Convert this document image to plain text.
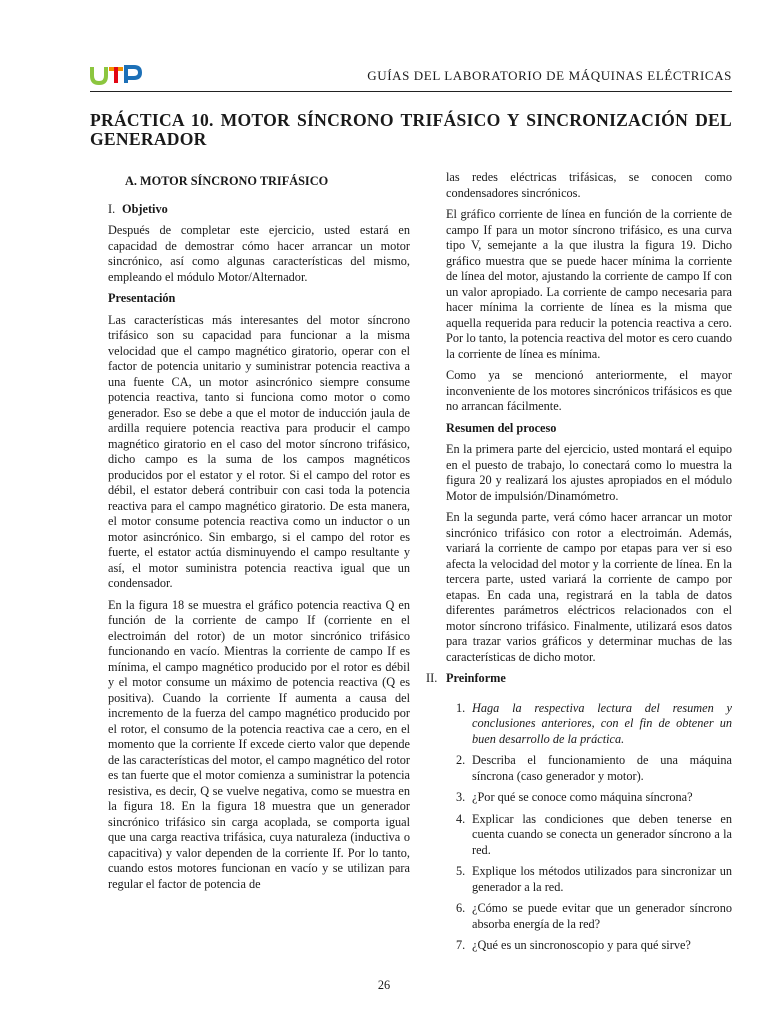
GUÍAS DEL LABORATORIO DE MÁQUINAS ELÉCTRICAS
PRÁCTICA 10. MOTOR SÍNCRONO TRIFÁSICO Y SINCRONIZACIÓN DEL GENERADOR

A. MOTOR SÍNCRONO TRIFÁSICO

I. Objetivo

Después de completar este ejercicio, usted estará en capacidad de demostrar cómo hacer arrancar un motor sincrónico, así como algunas características del mismo, empleando el módulo Motor/Alternador.

Presentación

Las características más interesantes del motor síncrono trifásico son su capacidad para funcionar a la misma velocidad que el campo magnético giratorio, operar con el factor de potencia unitario y suministrar potencia reactiva a una fuente CA, un motor asincrónico siempre consume potencia reactiva, tanto si funciona como motor o como generador. Eso se debe a que el motor de inducción jaula de ardilla requiere potencia reactiva para producir el campo magnético giratorio en el caso del motor síncrono trifásico, dicho campo es la suma de los campos magnéticos producidos por el estator y el rotor. Si el campo del rotor es débil, el estator deberá contribuir con casi toda la potencia reactiva para el campo magnético giratorio. De esta manera, el motor consume potencia reactiva como un inductor o un motor asincrónico. Sin embargo, si el campo del rotor es fuerte, el estator actúa disminuyendo el campo resultante y así, el motor suministra potencia reactiva igual que un condensador.

En la figura 18 se muestra el gráfico potencia reactiva Q en función de la corriente de campo If (corriente en el electroimán del rotor) de un motor sincrónico trifásico funcionando en vacío. Mientras la corriente de campo If es mínima, el campo magnético producido por el rotor es débil y el motor consume un máximo de potencia reactiva (Q es positiva). Cuando la corriente If aumenta a causa del incremento de la fuerza del campo magnético producido por el rotor, el consumo de la potencia reactiva cae a cero, en el momento que la corriente If excede cierto valor que depende de las características del motor, el campo magnético del rotor es tan fuerte que el motor comienza a suministrar la potencia resistiva, es decir, Q se vuelve negativa, como se muestra en la figura 18. En la figura 18 muestra que un generador sincrónico trifásico sin carga acoplada, se comporta igual que una carga reactiva trifásica, cuya naturaleza (inductiva o capacitiva) y valor dependen de la corriente If. Por lo tanto, cuando estos motores funcionan en vacío y se utilizan para regular el factor de potencia de

las redes eléctricas trifásicas, se conocen como condensadores sincrónicos.

El gráfico corriente de línea en función de la corriente de campo If para un motor síncrono trifásico, es una curva tipo V, semejante a la que ilustra la figura 19. Dicho gráfico muestra que se puede hacer mínima la corriente de línea del motor, ajustando la corriente de campo If con un valor apropiado. La corriente de campo necesaria para hacer mínima la corriente de línea es la misma que aquella requerida para reducir la potencia reactiva a cero. Por lo tanto, la potencia reactiva del motor es cero cuando la corriente de línea es mínima.

Como ya se mencionó anteriormente, el mayor inconveniente de los motores sincrónicos trifásicos es que no arrancan fácilmente.

Resumen del proceso

En la primera parte del ejercicio, usted montará el equipo en el puesto de trabajo, lo conectará como lo muestra la figura 20 y realizará los ajustes apropiados en el módulo Motor de impulsión/Dinamómetro.

En la segunda parte, verá cómo hacer arrancar un motor sincrónico trifásico con rotor a electroimán. Además, variará la corriente de campo por etapas para ver si eso afecta la velocidad del motor y la corriente de línea. En la tercera parte, usted variará la corriente de campo por etapas. En cada una, registrará en la tabla de datos diferentes parámetros eléctricos relacionados con el motor síncrono trifásico. Finalmente, utilizará esos datos para trazar varios gráficos y determinar muchas de las características de dicho motor.

II. Preinforme

1. Haga la respectiva lectura del resumen y conclusiones anteriores, con el fin de obtener un buen desarrollo de la práctica.
2. Describa el funcionamiento de una máquina síncrona (caso generador y motor).
3. ¿Por qué se conoce como máquina síncrona?
4. Explicar las condiciones que deben tenerse en cuenta cuando se conecta un generador síncrono a la red.
5. Explique los métodos utilizados para sincronizar un generador a la red.
6. ¿Cómo se puede evitar que un generador síncrono absorba energía de la red?
7. ¿Qué es un sincronoscopio y para qué sirve?
26
